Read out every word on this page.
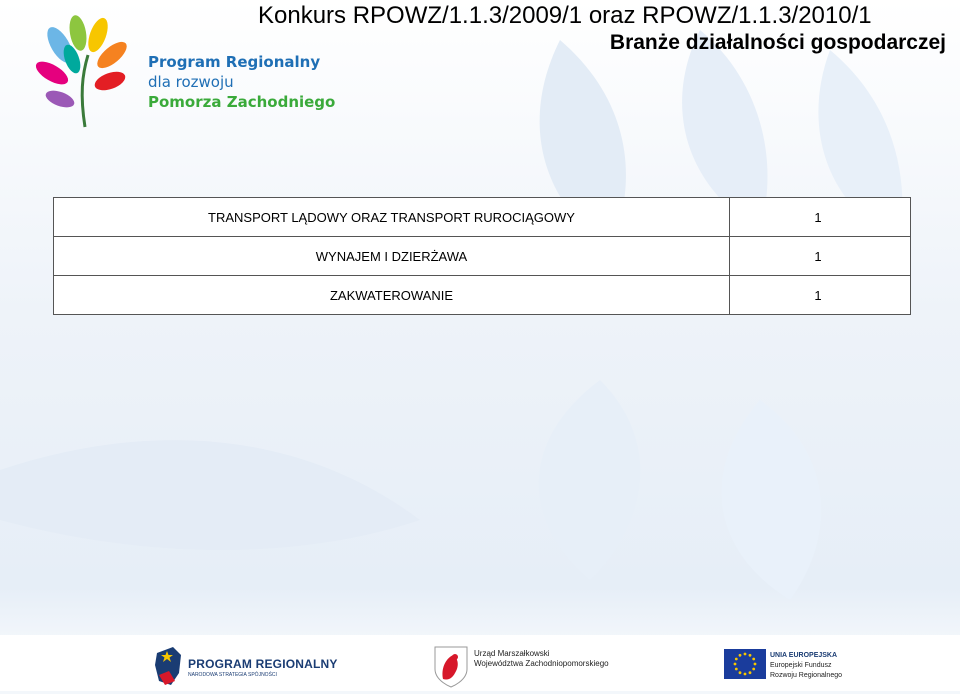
Konkurs RPOWZ/1.1.3/2009/1 oraz RPOWZ/1.1.3/2010/1
Branże działalności gospodarczej
Program Regionalny
dla rozwoju
Pomorza Zachodniego
TRANSPORT LĄDOWY ORAZ TRANSPORT RUROCIĄGOWY	1
WYNAJEM I DZIERŻAWA	1
ZAKWATEROWANIE	1
PROGRAM REGIONALNY
NARODOWA STRATEGIA SPÓJNOŚCI
Urząd Marszałkowski
Województwa Zachodniopomorskiego
UNIA EUROPEJSKA
Europejski Fundusz
Rozwoju Regionalnego
